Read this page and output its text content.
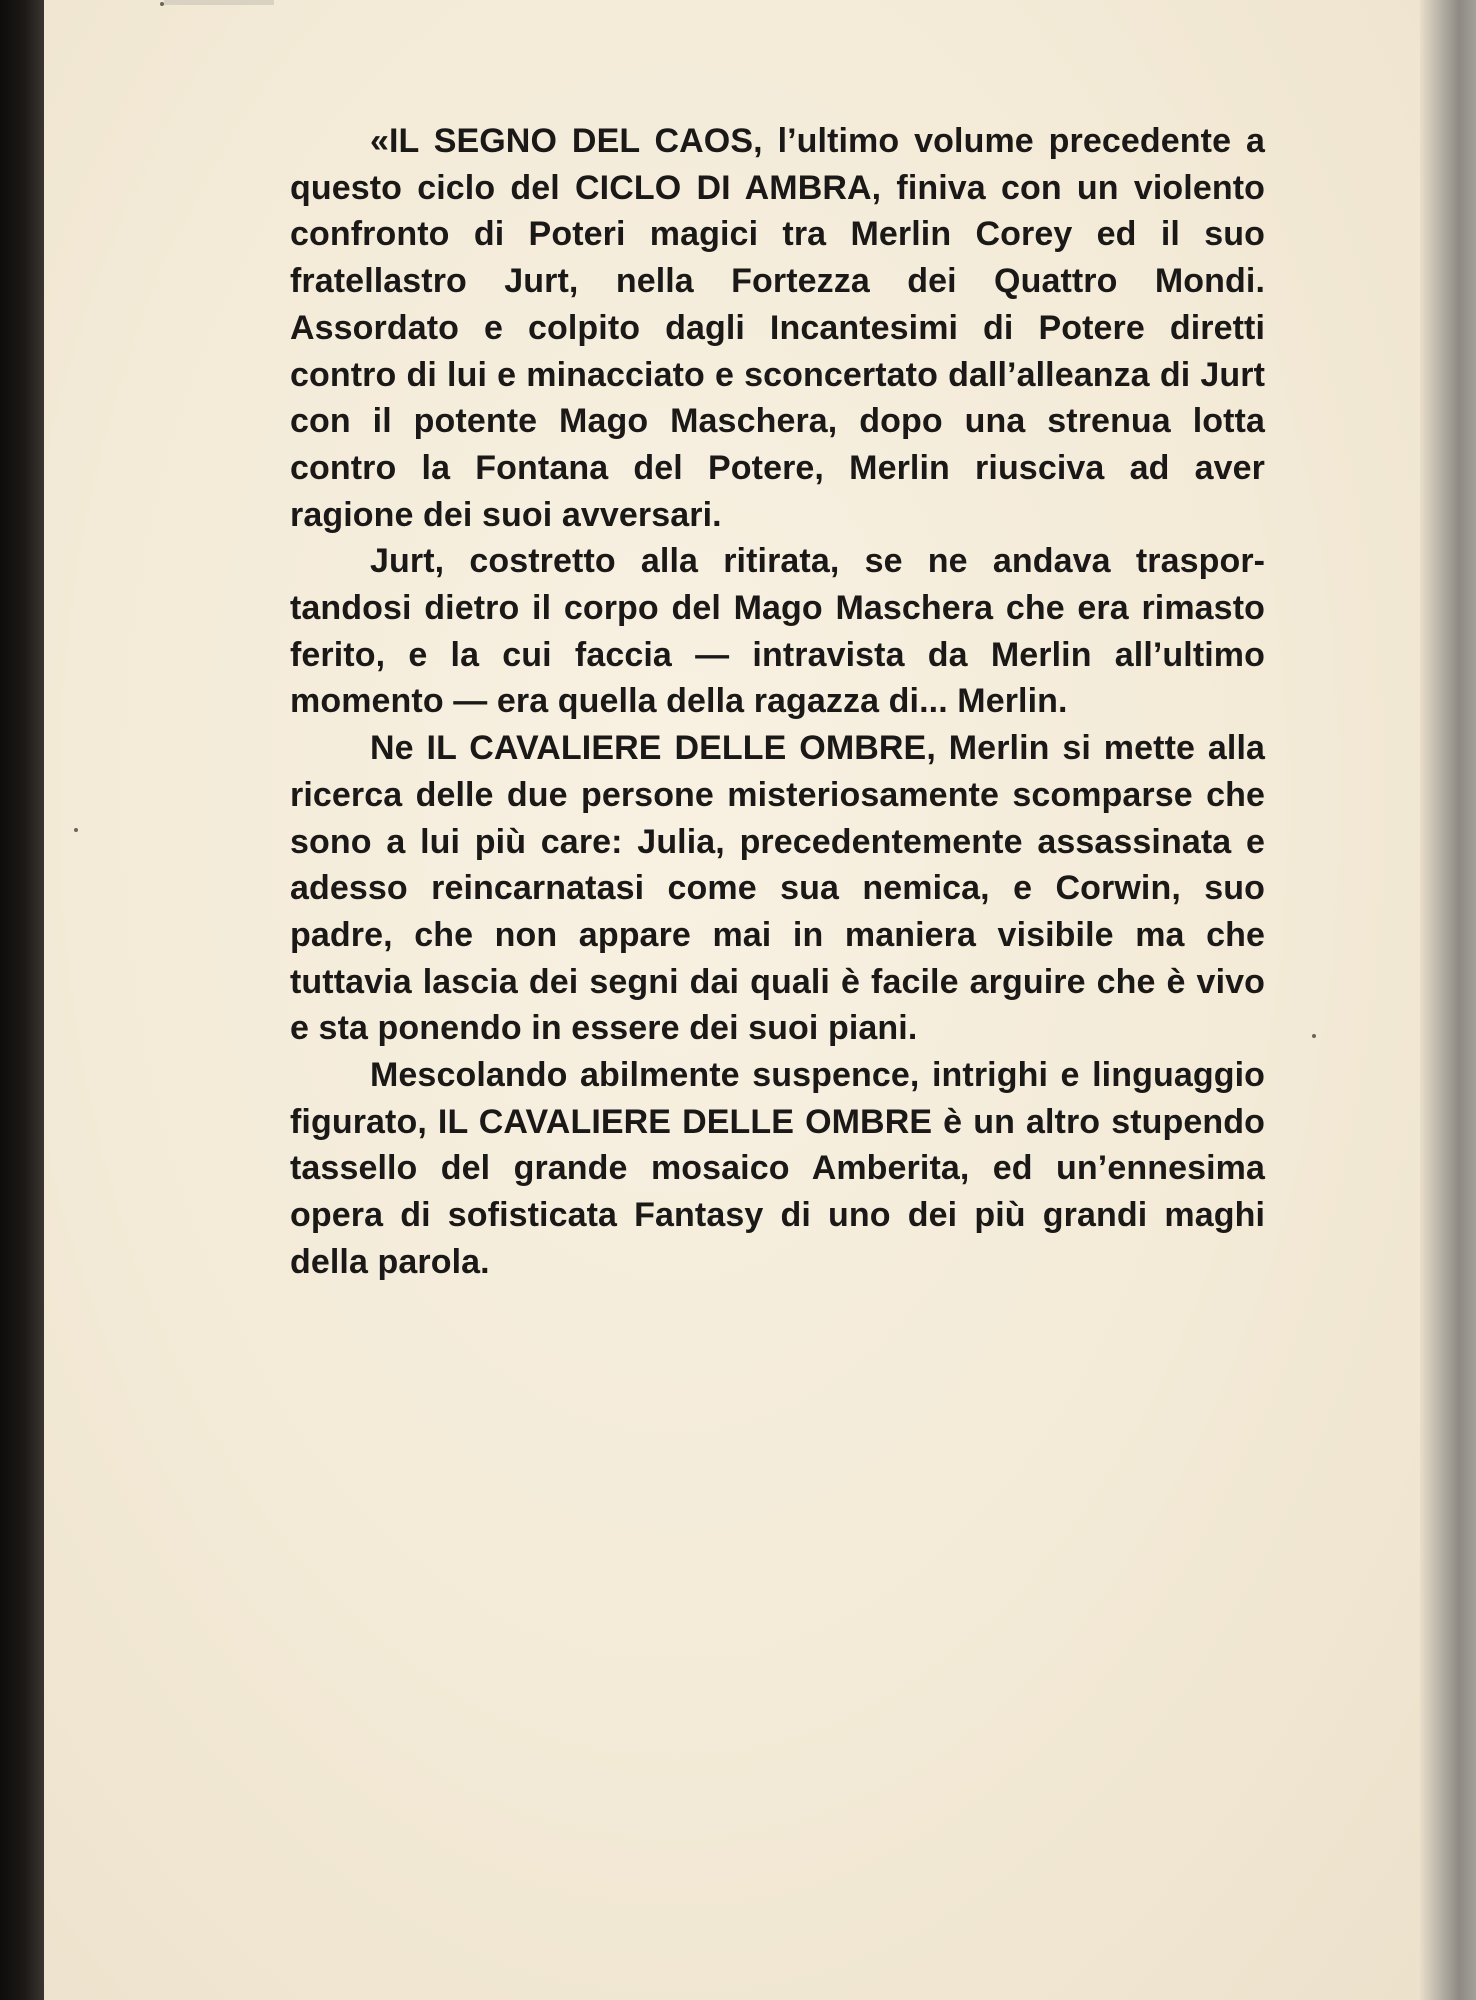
«IL SEGNO DEL CAOS, l’ultimo volume precedente a questo ciclo del CICLO DI AMBRA, finiva con un violento confronto di Poteri magici tra Merlin Corey ed il suo fratellastro Jurt, nella Fortezza dei Quattro Mondi. Assordato e colpito dagli Incantesimi di Potere diretti contro di lui e minacciato e sconcertato dall’alleanza di Jurt con il potente Mago Maschera, dopo una strenua lotta contro la Fontana del Potere, Merlin riusciva ad aver ragione dei suoi avversari.

Jurt, costretto alla ritirata, se ne andava trasportandosi dietro il corpo del Mago Maschera che era rimasto ferito, e la cui faccia — intravista da Merlin all’ultimo momento — era quella della ragazza di... Merlin.

Ne IL CAVALIERE DELLE OMBRE, Merlin si mette alla ricerca delle due persone misteriosamente scomparse che sono a lui più care: Julia, precedentemente assassinata e adesso reincarnatasi come sua nemica, e Corwin, suo padre, che non appare mai in maniera visibile ma che tuttavia lascia dei segni dai quali è facile arguire che è vivo e sta ponendo in essere dei suoi piani.

Mescolando abilmente suspence, intrighi e linguaggio figurato, IL CAVALIERE DELLE OMBRE è un altro stupendo tassello del grande mosaico Amberita, ed un’ennesima opera di sofisticata Fantasy di uno dei più grandi maghi della parola.
